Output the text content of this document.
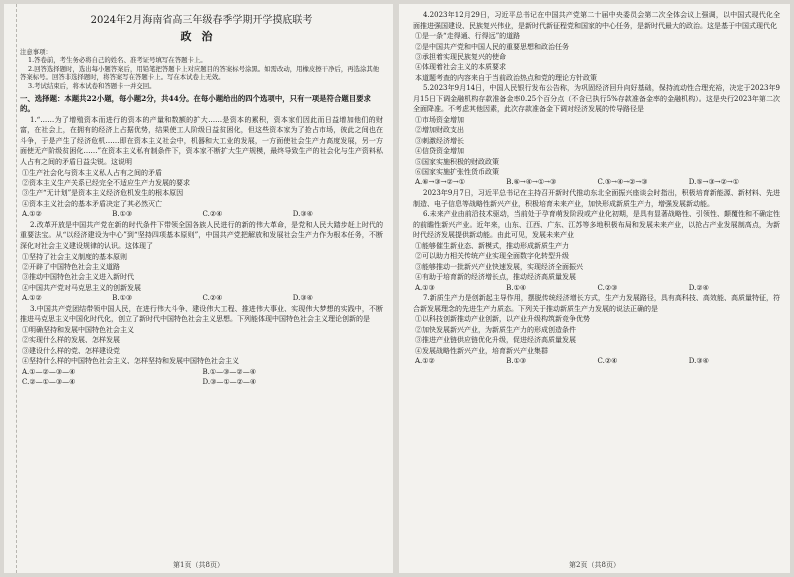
2024年2月海南省高三年级春季学期开学摸底联考
政治
注意事项：
1.答卷前，考生务必将自己的姓名、准考证号填写在答题卡上。
2.回答选择题时，选出每小题答案后，用铅笔把答题卡上对应题目的答案标号涂黑。如需改动，用橡皮擦干净后，再选涂其他答案标号。回答非选择题时，将答案写在答题卡上。写在本试卷上无效。
3.考试结束后，将本试卷和答题卡一并交回。
一、选择题：本题共22小题，每小题2分，共44分。在每小题给出的四个选项中，只有一项是符合题目要求的。
1.“……为了增殖资本而进行的资本的产量和数额的扩大……是资本的累积，资本家们因此而日益增加他们的财富，在社会上，在拥有的经济上占据优势，结果使工人阶级日益贫困化，但这些资本家为了抢占市场，彼此之间也在斗争，于是产生了经济危机……即在资本主义社会中，机器和大工业的发展，一方面使社会生产力高度发展，另一方面使无产阶级贫困化……”在资本主义私有制条件下，资本家不断扩大生产规模，最终导致生产的社会化与生产资料私人占有之间的矛盾日益尖锐。这说明
①生产社会化与资本主义私人占有之间的矛盾
②资本主义生产关系已经完全不适应生产力发展的要求
③生产“无计划”是资本主义经济危机发生的根本原因
④资本主义社会的基本矛盾决定了其必然灭亡
A.①②	B.①③	C.②④	D.③④
2.改革开放是中国共产党在新的时代条件下带领全国各族人民进行的新的伟大革命，是党和人民大踏步赶上时代的重要法宝。从“以经济建设为中心”到“坚持四项基本原则”，中国共产党把解放和发展社会生产力作为根本任务，不断深化对社会主义建设规律的认识。这体现了
①坚持了社会主义制度的基本原则
②开辟了中国特色社会主义道路
③推动中国特色社会主义进入新时代
④中国共产党对马克思主义的创新发展
A.①②	B.①③	C.②④	D.③④
3.中国共产党团结带领中国人民，在进行伟大斗争、建设伟大工程、推进伟大事业、实现伟大梦想的实践中，不断推进马克思主义中国化时代化，创立了新时代中国特色社会主义思想。下列能体现中国特色社会主义理论创新的是
①明确坚持和发展中国特色社会主义
②实现什么样的发展、怎样发展
③建设什么样的党、怎样建设党
④坚持什么样的中国特色社会主义、怎样坚持和发展中国特色社会主义
A.①—②—③—④	B.①—③—②—④
C.②—①—③—④	D.③—①—②—④
第1页（共8页）
4.2023年12月29日，习近平总书记在中国共产党第二十届中央委员会第二次全体会议上强调，以中国式现代化全面推进强国建设、民族复兴伟业，是新时代新征程党和国家的中心任务，是新时代最大的政治。这是基于中国式现代化
①是一条“走得通、行得远”的道路
②是中国共产党和中国人民的重要思想和政治任务
③承担着实现民族复兴的使命
④体现着社会主义的本质要求
本道题考查的内容来自于当前政治热点和党的理论方针政策
5.2023年9月14日，中国人民银行发布公告称，为巩固经济回升向好基础，保持流动性合理充裕，决定于2023年9月15日下调金融机构存款准备金率0.25个百分点（不含已执行5%存款准备金率的金融机构）。这是央行2023年第二次全面降准。不考虑其他因素，此次存款准备金下调对经济发展的传导路径是
①市场资金增加
②增加财政支出
③刺激经济增长
④信贷资金增加
⑤国家实施积极的财政政策
⑥国家实施扩张性货币政策
A.⑥→③→②→①	B.⑥→④→①→③	C.⑤→④→②→③	D.⑤→③→②→①
2023年9月7日，习近平总书记在主持召开新时代推动东北全面振兴座谈会时指出，积极培育新能源、新材料、先进制造、电子信息等战略性新兴产业，积极培育未来产业，加快形成新质生产力，增强发展新动能。
6.未来产业由前沿技术驱动，当前处于孕育萌发阶段或产业化初期，是具有显著战略性、引领性、颠覆性和不确定性的前瞻性新兴产业。近年来，山东、江西、广东、江苏等多地积极布局和发展未来产业，以抢占产业发展制高点，为新时代经济发展提供新动能。由此可见，发展未来产业
①能够催生新业态、新模式，推动形成新质生产力
②可以助力相关传统产业实现全面数字化转型升级
③能够推动一批新兴产业快速发展，实现经济全面振兴
④有助于培育新的经济增长点，推动经济高质量发展
A.①③	B.①④	C.②③	D.②④
7.新质生产力是创新起主导作用，摆脱传统经济增长方式，生产力发展路径，具有高科技、高效能、高质量特征，符合新发展理念的先进生产力质态。下列关于推动新质生产力发展的说法正确的是
①以科技创新推动产业创新，以产业升级构筑新竞争优势
②加快发展新兴产业，为新质生产力的形成创造条件
③推进产业链供应链优化升级，促进经济高质量发展
④发展战略性新兴产业，培育新兴产业集群
A.①②	B.①③	C.②④	D.③④
第2页（共8页）
